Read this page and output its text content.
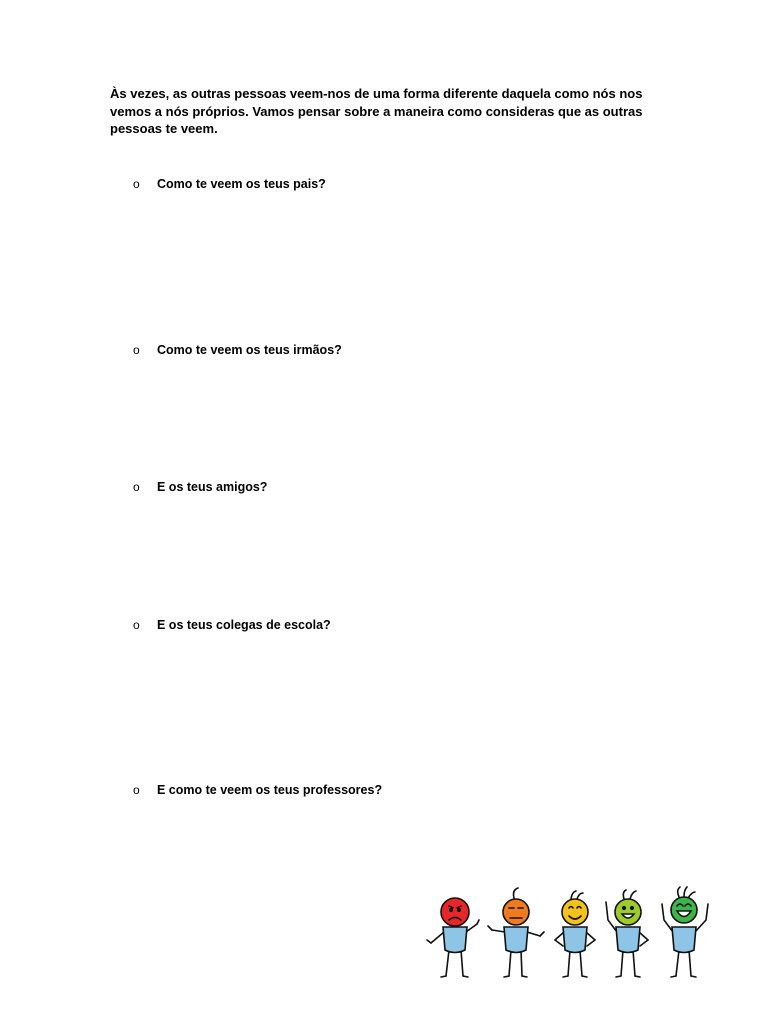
Às vezes, as outras pessoas veem-nos de uma forma diferente daquela como nós nos vemos a nós próprios. Vamos pensar sobre a maneira como consideras que as outras pessoas te veem.

o	Como te veem os teus pais?
o	Como te veem os teus irmãos?
o	E os teus amigos?
o	E os teus colegas de escola?
o	E como te veem os teus professores?
